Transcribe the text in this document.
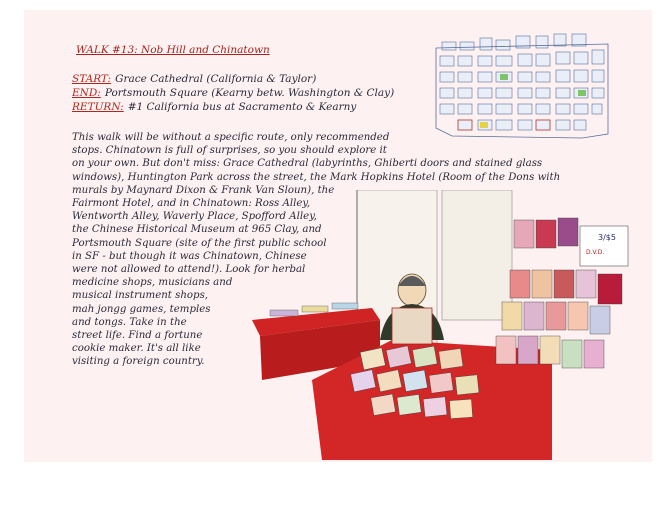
3/$5
D.V.D.
WALK #13: Nob Hill and Chinatown
START: Grace Cathedral (California & Taylor)
END: Portsmouth Square (Kearny betw. Washington & Clay)
RETURN: #1 California bus at Sacramento & Kearny
This walk will be without a specific route, only recommended
stops. Chinatown is full of surprises, so you should explore it
on your own. But don't miss: Grace Cathedral (labyrinths, Ghiberti doors and stained glass
windows), Huntington Park across the street, the Mark Hopkins Hotel (Room of the Dons with
murals by Maynard Dixon & Frank Van Sloun), the
Fairmont Hotel, and in Chinatown: Ross Alley,
Wentworth Alley, Waverly Place, Spofford Alley,
the Chinese Historical Museum at 965 Clay, and
Portsmouth Square (site of the first public school
in SF - but though it was Chinatown, Chinese
were not allowed to attend!). Look for herbal
medicine shops, musicians and
musical instrument shops,
mah jongg games, temples
and tongs. Take in the
street life. Find a fortune
cookie maker. It's all like
visiting a foreign country.
